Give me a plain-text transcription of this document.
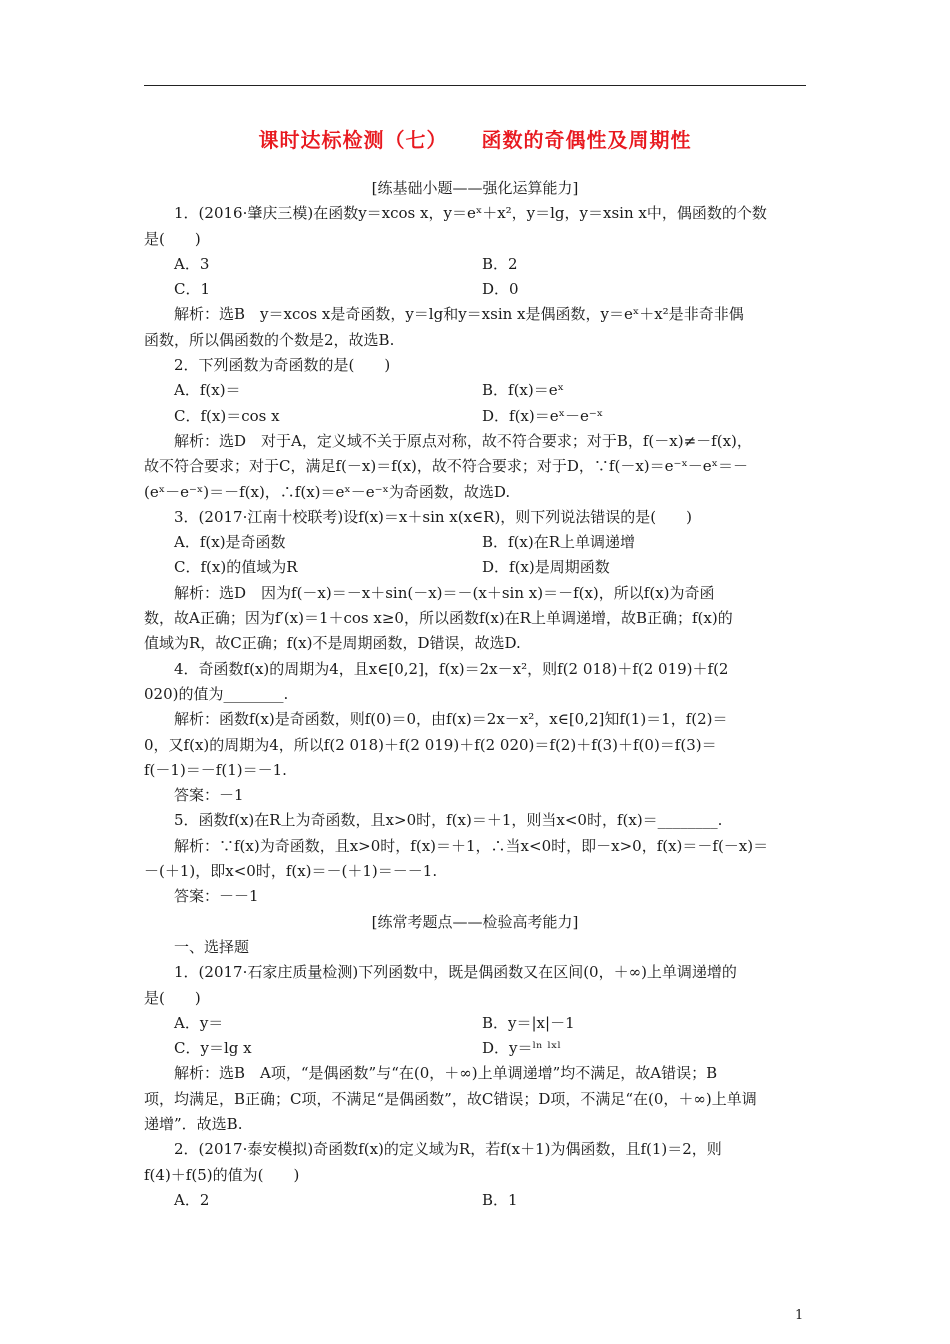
课时达标检测（七） 函数的奇偶性及周期性
[练基础小题——强化运算能力]
1．(2016·肇庆三模)在函数y＝xcos x，y＝eˣ＋x²，y＝lg，y＝xsin x中，偶函数的个数
是(　　)
A．3	B．2
C．1	D．0
解析：选B　y＝xcos x是奇函数，y＝lg和y＝xsin x是偶函数，y＝eˣ＋x²是非奇非偶
函数，所以偶函数的个数是2，故选B.
2．下列函数为奇函数的是(　　)
A．f(x)＝	B．f(x)＝eˣ
C．f(x)＝cos x	D．f(x)＝eˣ－e⁻ˣ
解析：选D　对于A，定义域不关于原点对称，故不符合要求；对于B，f(－x)≠－f(x)，
故不符合要求；对于C，满足f(－x)＝f(x)，故不符合要求；对于D，∵f(－x)＝e⁻ˣ－eˣ＝－
(eˣ－e⁻ˣ)＝－f(x)，∴f(x)＝eˣ－e⁻ˣ为奇函数，故选D.
3．(2017·江南十校联考)设f(x)＝x＋sin x(x∈R)，则下列说法错误的是(　　)
A．f(x)是奇函数	B．f(x)在R上单调递增
C．f(x)的值域为R	D．f(x)是周期函数
解析：选D　因为f(－x)＝－x＋sin(－x)＝－(x＋sin x)＝－f(x)，所以f(x)为奇函
数，故A正确；因为f′(x)＝1＋cos x≥0，所以函数f(x)在R上单调递增，故B正确；f(x)的
值域为R，故C正确；f(x)不是周期函数，D错误，故选D.
4．奇函数f(x)的周期为4，且x∈[0,2]，f(x)＝2x－x²，则f(2 018)＋f(2 019)＋f(2
020)的值为________.
解析：函数f(x)是奇函数，则f(0)＝0，由f(x)＝2x－x²，x∈[0,2]知f(1)＝1，f(2)＝
0，又f(x)的周期为4，所以f(2 018)＋f(2 019)＋f(2 020)＝f(2)＋f(3)＋f(0)＝f(3)＝
f(－1)＝－f(1)＝－1.
答案：－1
5．函数f(x)在R上为奇函数，且x>0时，f(x)＝＋1，则当x<0时，f(x)＝________.
解析：∵f(x)为奇函数，且x>0时，f(x)＝＋1，∴当x<0时，即－x>0，f(x)＝－f(－x)＝
－(＋1)，即x<0时，f(x)＝－(＋1)＝－－1.
答案：－－1
[练常考题点——检验高考能力]
一、选择题
1．(2017·石家庄质量检测)下列函数中，既是偶函数又在区间(0，＋∞)上单调递增的
是(　　)
A．y＝	B．y＝|x|－1
C．y＝lg x	D．y＝ˡⁿ ˡˣˡ
解析：选B　A项，“是偶函数”与“在(0，＋∞)上单调递增”均不满足，故A错误；B
项，均满足，B正确；C项，不满足“是偶函数”，故C错误；D项，不满足“在(0，＋∞)上单调
递增”．故选B.
2．(2017·泰安模拟)奇函数f(x)的定义域为R，若f(x＋1)为偶函数，且f(1)＝2，则
f(4)＋f(5)的值为(　　)
A．2	B．1
1
